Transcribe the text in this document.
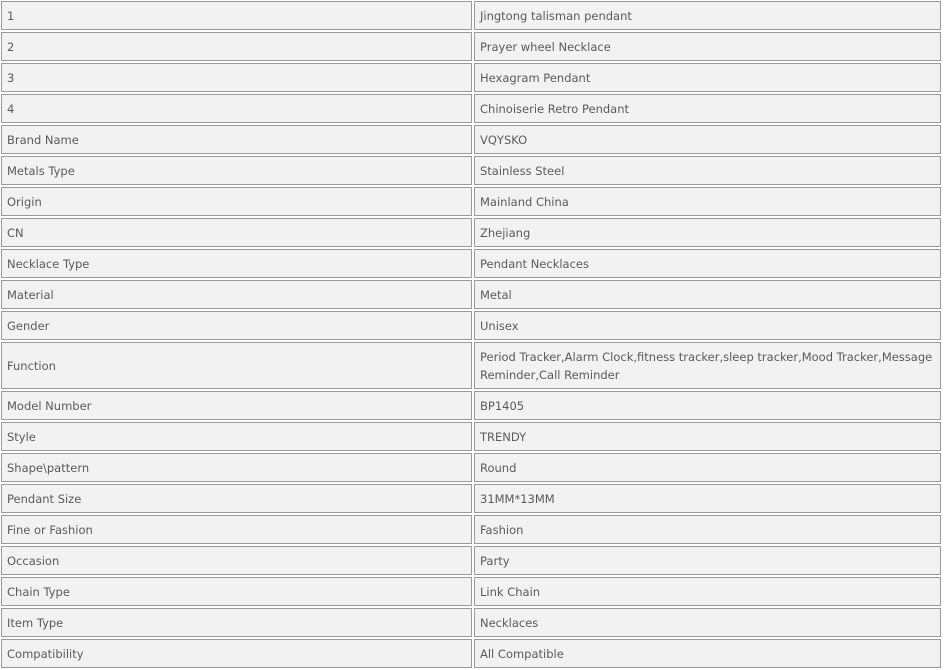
1	Jingtong talisman pendant
2	Prayer wheel Necklace
3	Hexagram Pendant
4	Chinoiserie Retro Pendant
Brand Name	VQYSKO
Metals Type	Stainless Steel
Origin	Mainland China
CN	Zhejiang
Necklace Type	Pendant Necklaces
Material	Metal
Gender	Unisex
Function	Period Tracker,Alarm Clock,fitness tracker,sleep tracker,Mood Tracker,Message Reminder,Call Reminder
Model Number	BP1405
Style	TRENDY
Shape\pattern	Round
Pendant Size	31MM*13MM
Fine or Fashion	Fashion
Occasion	Party
Chain Type	Link Chain
Item Type	Necklaces
Compatibility	All Compatible
